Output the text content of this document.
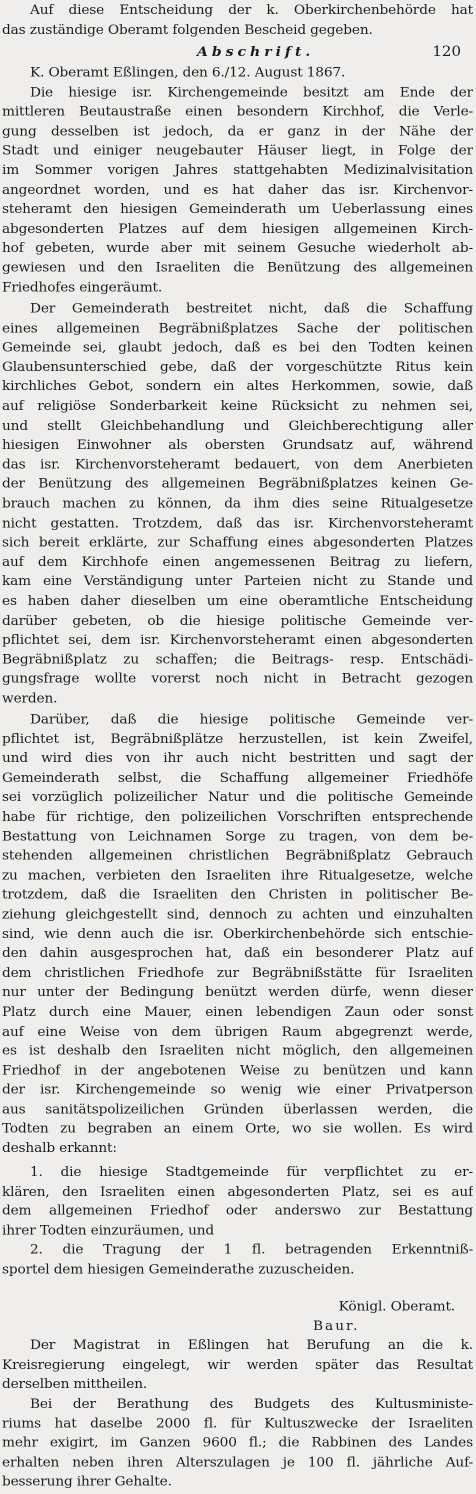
Auf diese Entscheidung der k. Oberkirchenbehörde hat
das zuständige Oberamt folgenden Bescheid gegeben.
Abschrift.	120
K. Oberamt Eßlingen, den 6./12. August 1867.
Die hiesige isr. Kirchengemeinde besitzt am Ende der
mittleren Beutaustraße einen besondern Kirchhof, die Verle-
gung desselben ist jedoch, da er ganz in der Nähe der
Stadt und einiger neugebauter Häuser liegt, in Folge der
im Sommer vorigen Jahres stattgehabten Medizinalvisitation
angeordnet worden, und es hat daher das isr. Kirchenvor-
steheramt den hiesigen Gemeinderath um Ueberlassung eines
abgesonderten Platzes auf dem hiesigen allgemeinen Kirch-
hof gebeten, wurde aber mit seinem Gesuche wiederholt ab-
gewiesen und den Israeliten die Benützung des allgemeinen
Friedhofes eingeräumt.
Der Gemeinderath bestreitet nicht, daß die Schaffung
eines allgemeinen Begräbnißplatzes Sache der politischen
Gemeinde sei, glaubt jedoch, daß es bei den Todten keinen
Glaubensunterschied gebe, daß der vorgeschützte Ritus kein
kirchliches Gebot, sondern ein altes Herkommen, sowie, daß
auf religiöse Sonderbarkeit keine Rücksicht zu nehmen sei,
und stellt Gleichbehandlung und Gleichberechtigung aller
hiesigen Einwohner als obersten Grundsatz auf, während
das isr. Kirchenvorsteheramt bedauert, von dem Anerbieten
der Benützung des allgemeinen Begräbnißplatzes keinen Ge-
brauch machen zu können, da ihm dies seine Ritualgesetze
nicht gestatten. Trotzdem, daß das isr. Kirchenvorsteheramt
sich bereit erklärte, zur Schaffung eines abgesonderten Platzes
auf dem Kirchhofe einen angemessenen Beitrag zu liefern,
kam eine Verständigung unter Parteien nicht zu Stande und
es haben daher dieselben um eine oberamtliche Entscheidung
darüber gebeten, ob die hiesige politische Gemeinde ver-
pflichtet sei, dem isr. Kirchenvorsteheramt einen abgesonderten
Begräbnißplatz zu schaffen; die Beitrags- resp. Entschädi-
gungsfrage wollte vorerst noch nicht in Betracht gezogen
werden.
Darüber, daß die hiesige politische Gemeinde ver-
pflichtet ist, Begräbnißplätze herzustellen, ist kein Zweifel,
und wird dies von ihr auch nicht bestritten und sagt der
Gemeinderath selbst, die Schaffung allgemeiner Friedhöfe
sei vorzüglich polizeilicher Natur und die politische Gemeinde
habe für richtige, den polizeilichen Vorschriften entsprechende
Bestattung von Leichnamen Sorge zu tragen, von dem be-
stehenden allgemeinen christlichen Begräbnißplatz Gebrauch
zu machen, verbieten den Israeliten ihre Ritualgesetze, welche
trotzdem, daß die Israeliten den Christen in politischer Be-
ziehung gleichgestellt sind, dennoch zu achten und einzuhalten
sind, wie denn auch die isr. Oberkirchenbehörde sich entschie-
den dahin ausgesprochen hat, daß ein besonderer Platz auf
dem christlichen Friedhofe zur Begräbnißstätte für Israeliten
nur unter der Bedingung benützt werden dürfe, wenn dieser
Platz durch eine Mauer, einen lebendigen Zaun oder sonst
auf eine Weise von dem übrigen Raum abgegrenzt werde,
es ist deshalb den Israeliten nicht möglich, den allgemeinen
Friedhof in der angebotenen Weise zu benützen und kann
der isr. Kirchengemeinde so wenig wie einer Privatperson
aus sanitätspolizeilichen Gründen überlassen werden, die
Todten zu begraben an einem Orte, wo sie wollen. Es wird
deshalb erkannt:
1. die hiesige Stadtgemeinde für verpflichtet zu er-
klären, den Israeliten einen abgesonderten Platz, sei es auf
dem allgemeinen Friedhof oder anderswo zur Bestattung
ihrer Todten einzuräumen, und
2. die Tragung der 1 fl. betragenden Erkenntniß-
sportel dem hiesigen Gemeinderathe zuzuscheiden.
Königl. Oberamt.
Baur.
Der Magistrat in Eßlingen hat Berufung an die k.
Kreisregierung eingelegt, wir werden später das Resultat
derselben mittheilen.
Bei der Berathung des Budgets des Kultusministe-
riums hat daselbe 2000 fl. für Kultuszwecke der Israeliten
mehr exigirt, im Ganzen 9600 fl.; die Rabbinen des Landes
erhalten neben ihren Alterszulagen je 100 fl. jährliche Auf-
besserung ihrer Gehalte.
